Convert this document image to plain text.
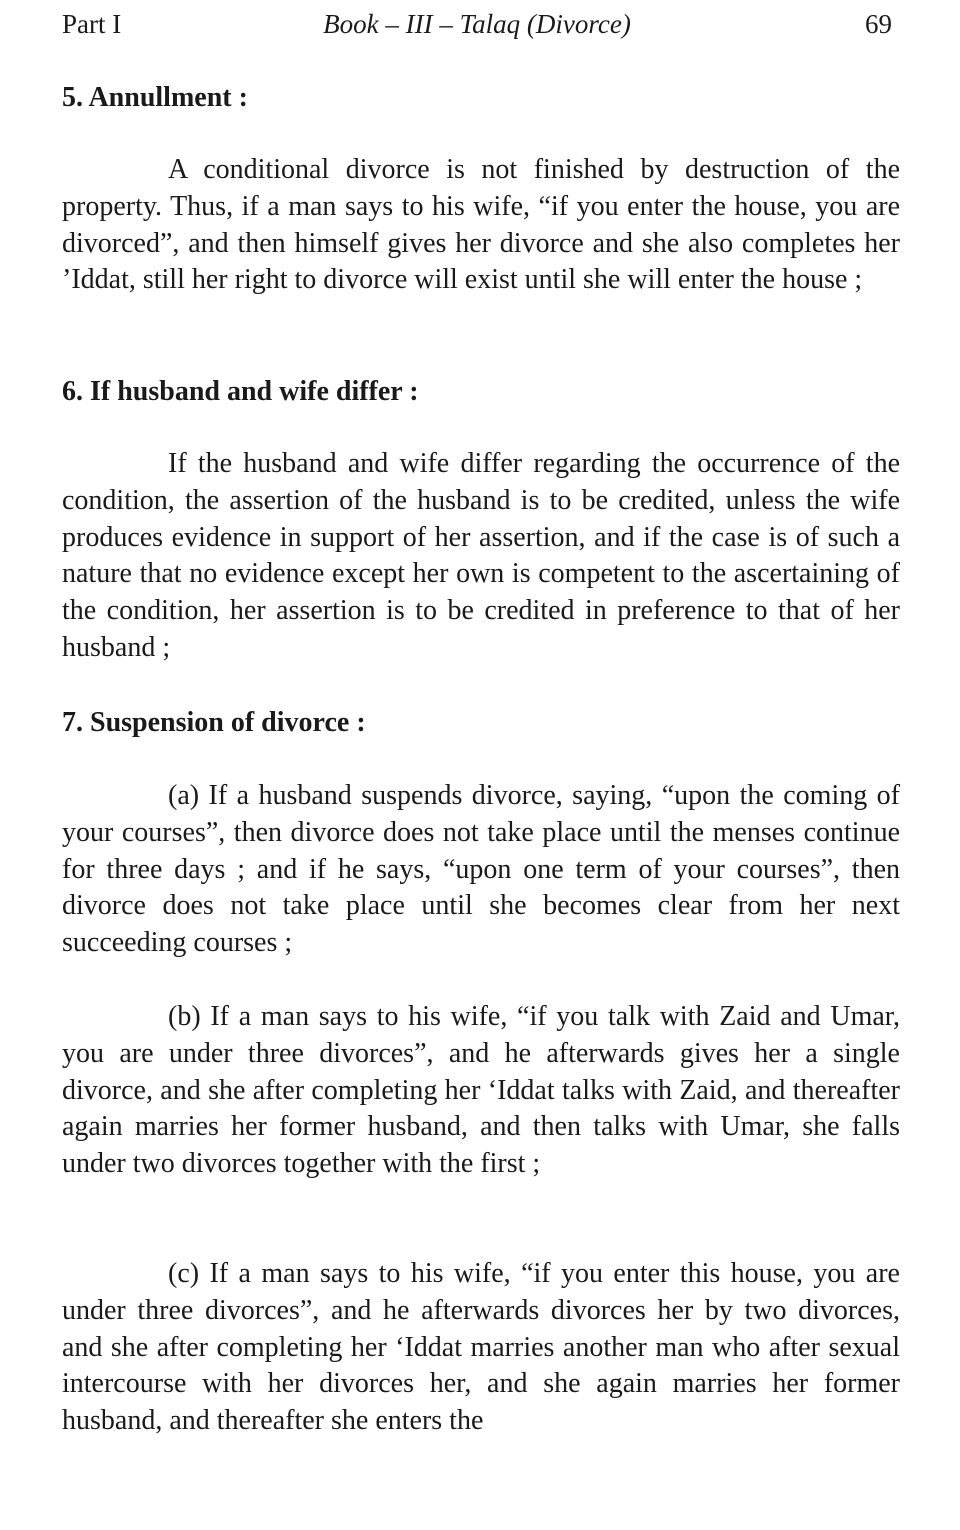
Part I	Book – III – Talaq (Divorce)	69
5. Annullment :

A conditional divorce is not finished by destruction of the property. Thus, if a man says to his wife, “if you enter the house, you are divorced”, and then himself gives her divorce and she also completes her ’Iddat, still her right to divorce will exist until she will enter the house ;

6. If husband and wife differ :

If the husband and wife differ regarding the occurrence of the condition, the assertion of the husband is to be credited, unless the wife produces evidence in support of her assertion, and if the case is of such a nature that no evidence except her own is competent to the ascertaining of the condition, her assertion is to be credited in preference to that of her husband ;

7. Suspension of divorce :

(a) If a husband suspends divorce, saying, “upon the coming of your courses”, then divorce does not take place until the menses continue for three days ; and if he says, “upon one term of your courses”, then divorce does not take place until she becomes clear from her next succeeding courses ;

(b) If a man says to his wife, “if you talk with Zaid and Umar, you are under three divorces”, and he afterwards gives her a single divorce, and she after completing her ‘Iddat talks with Zaid, and thereafter again marries her former husband, and then talks with Umar, she falls under two divorces together with the first ;

(c) If a man says to his wife, “if you enter this house, you are under three divorces”, and he afterwards divorces her by two divorces, and she after completing her ‘Iddat marries another man who after sexual intercourse with her divorces her, and she again marries her former husband, and thereafter she enters the
